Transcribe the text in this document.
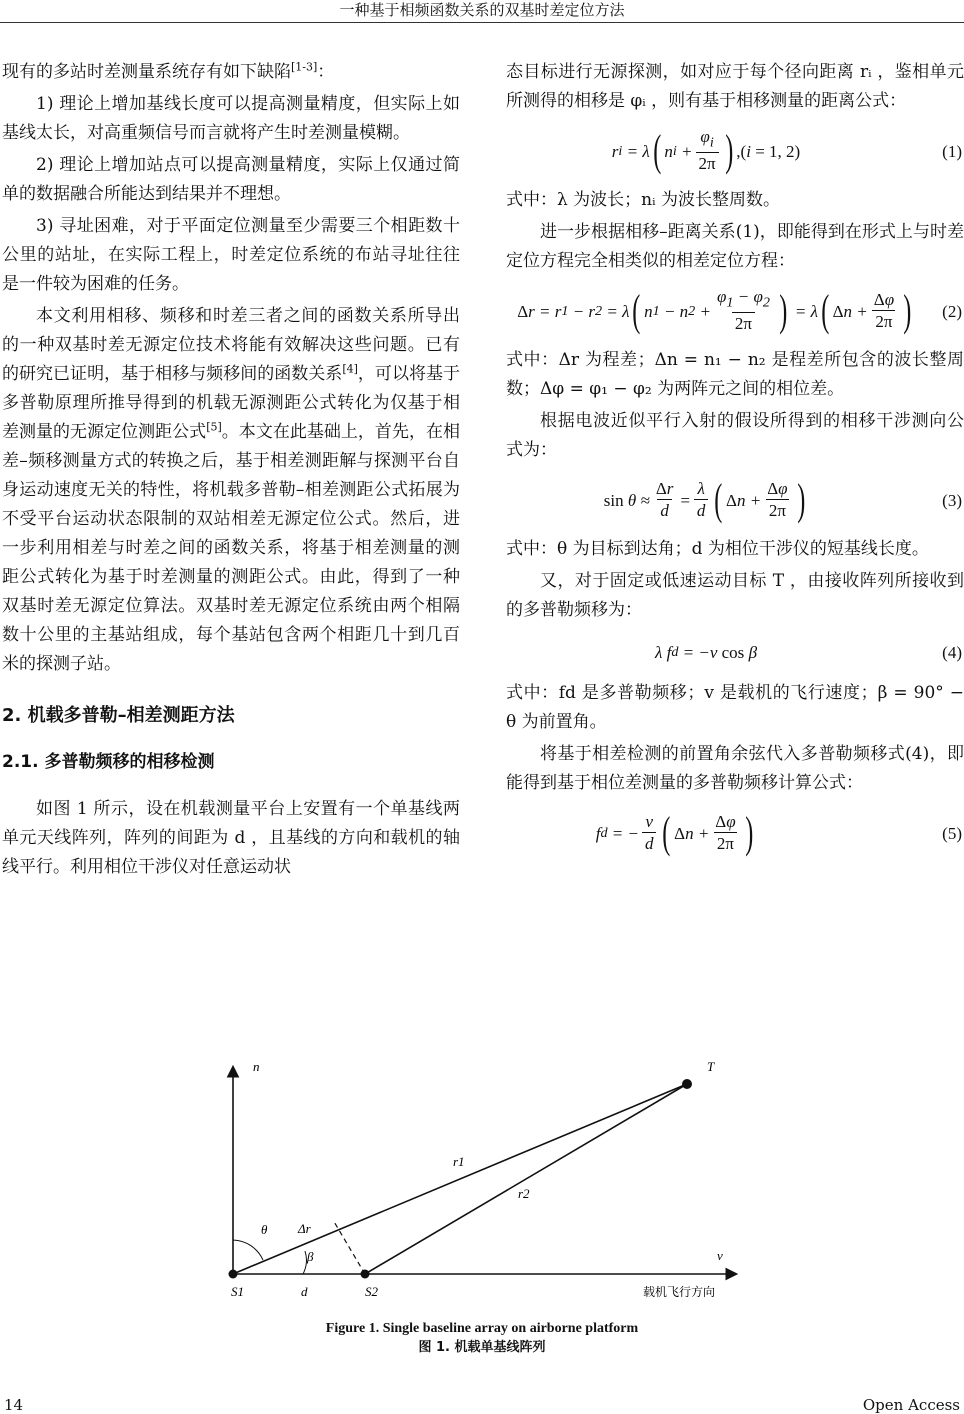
一种基于相频函数关系的双基时差定位方法

现有的多站时差测量系统存有如下缺陷[1-3]：

1) 理论上增加基线长度可以提高测量精度，但实际上如基线太长，对高重频信号而言就将产生时差测量模糊。

2) 理论上增加站点可以提高测量精度，实际上仅通过简单的数据融合所能达到结果并不理想。

3) 寻址困难，对于平面定位测量至少需要三个相距数十公里的站址，在实际工程上，时差定位系统的布站寻址往往是一件较为困难的任务。

本文利用相移、频移和时差三者之间的函数关系所导出的一种双基时差无源定位技术将能有效解决这些问题。已有的研究已证明，基于相移与频移间的函数关系[4]，可以将基于多普勒原理所推导得到的机载无源测距公式转化为仅基于相差测量的无源定位测距公式[5]。本文在此基础上，首先，在相差–频移测量方式的转换之后，基于相差测距解与探测平台自身运动速度无关的特性，将机载多普勒–相差测距公式拓展为不受平台运动状态限制的双站相差无源定位公式。然后，进一步利用相差与时差之间的函数关系，将基于相差测量的测距公式转化为基于时差测量的测距公式。由此，得到了一种双基时差无源定位算法。双基时差无源定位系统由两个相隔数十公里的主基站组成，每个基站包含两个相距几十到几百米的探测子站。

2. 机载多普勒–相差测距方法

2.1. 多普勒频移的相移检测

如图 1 所示，设在机载测量平台上安置有一个单基线两单元天线阵列，阵列的间距为 d ，且基线的方向和载机的轴线平行。利用相位干涉仪对任意运动状

态目标进行无源探测，如对应于每个径向距离 rᵢ ，鉴相单元所测得的相移是 φᵢ ，则有基于相移测量的距离公式：

r i = λ ( n $i + \frac{\varphi_i}{2\pi}$ ) ,( i = 1, 2)	(1)

式中：λ 为波长；nᵢ 为波长整周数。

进一步根据相移–距离关系(1)，即能得到在形式上与时差定位方程完全相类似的相差定位方程：

Δ r = r 1 − r 2 = λ ( n 1 − n $2 + \frac{\varphi_1 - \varphi_2}{2\pi}$ ) = λ ( Δ $n + \frac{\Delta\varphi}{2\pi}$ ) (2)

式中：Δr 为程差；Δn = n₁ − n₂ 是程差所包含的波长整周数；Δφ = φ₁ − φ₂ 为两阵元之间的相位差。

根据电波近似平行入射的假设所得到的相移干涉测向公式为：

$\sin \theta \approx \frac{\Delta r}{d} = \frac{\lambda}{d}$ ( Δ $n + \frac{\Delta\varphi}{2\pi}$ )	(3)

式中：θ 为目标到达角；d 为相位干涉仪的短基线长度。

又，对于固定或低速运动目标 T ，由接收阵列所接收到的多普勒频移为：

λ f d = −v cos β	(4)

式中：fd 是多普勒频移；v 是载机的飞行速度；β = 90° − θ 为前置角。

将基于相差检测的前置角余弦代入多普勒频移式(4)，即能得到基于相位差测量的多普勒频移计算公式：

f d = − $\frac{v}{d}$ ( Δ $n + \frac{\Delta\varphi}{2\pi}$ )	(5)
n	T
r1
r2
θ Δr
β	v
S1	d	S2	载机飞行方向
Figure 1. Single baseline array on airborne platform
图 1. 机载单基线阵列
14	Open Access
